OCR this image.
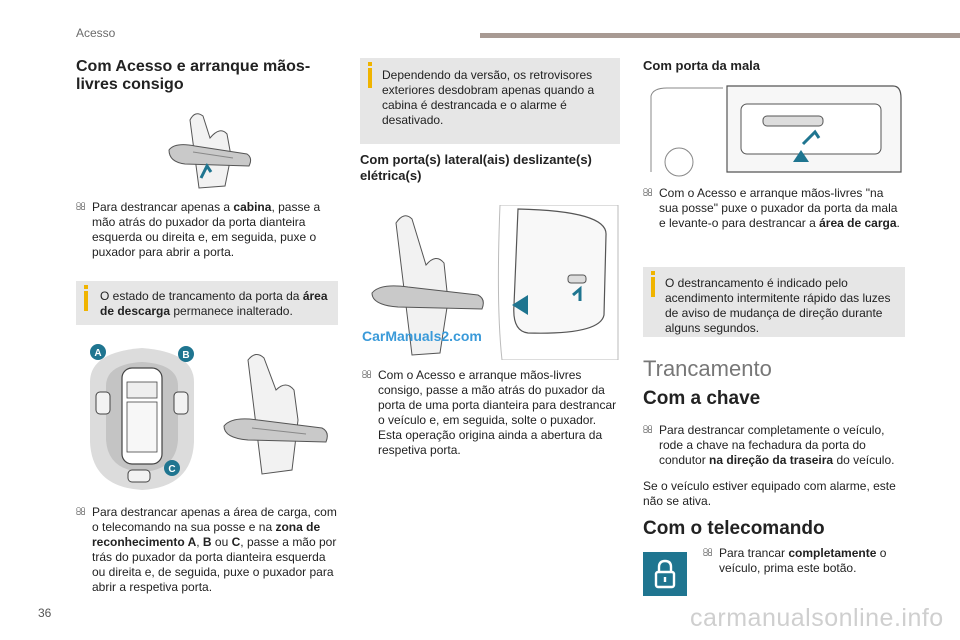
Acesso
Com Acesso e arranque mãos-livres consigo
Para destrancar apenas a cabina, passe a mão atrás do puxador da porta dianteira esquerda ou direita e, em seguida, puxe o puxador para abrir a porta.
O estado de trancamento da porta da área de descarga permanece inalterado.
A	B
C
Para destrancar apenas a área de carga, com o telecomando na sua posse e na zona de reconhecimento A, B ou C, passe a mão por trás do puxador da porta dianteira esquerda ou direita e, de seguida, puxe o puxador para abrir a respetiva porta.
Dependendo da versão, os retrovisores exteriores desdobram apenas quando a cabina é destrancada e o alarme é desativado.
Com porta(s) lateral(ais) deslizante(s) elétrica(s)
CarManuals2.com
Com o Acesso e arranque mãos-livres consigo, passe a mão atrás do puxador da porta de uma porta dianteira para destrancar o veículo e, em seguida, solte o puxador. Esta operação origina ainda a abertura da respetiva porta.
Com porta da mala
Com o Acesso e arranque mãos-livres "na sua posse" puxe o puxador da porta da mala e levante-o para destrancar a área de carga.
O destrancamento é indicado pelo acendimento intermitente rápido das luzes de aviso de mudança de direção durante alguns segundos.
Trancamento
Com a chave
Para destrancar completamente o veículo, rode a chave na fechadura da porta do condutor na direção da traseira do veículo.
Se o veículo estiver equipado com alarme, este não se ativa.
Com o telecomando
Para trancar completamente o veículo, prima este botão.
36	carmanualsonline.info
